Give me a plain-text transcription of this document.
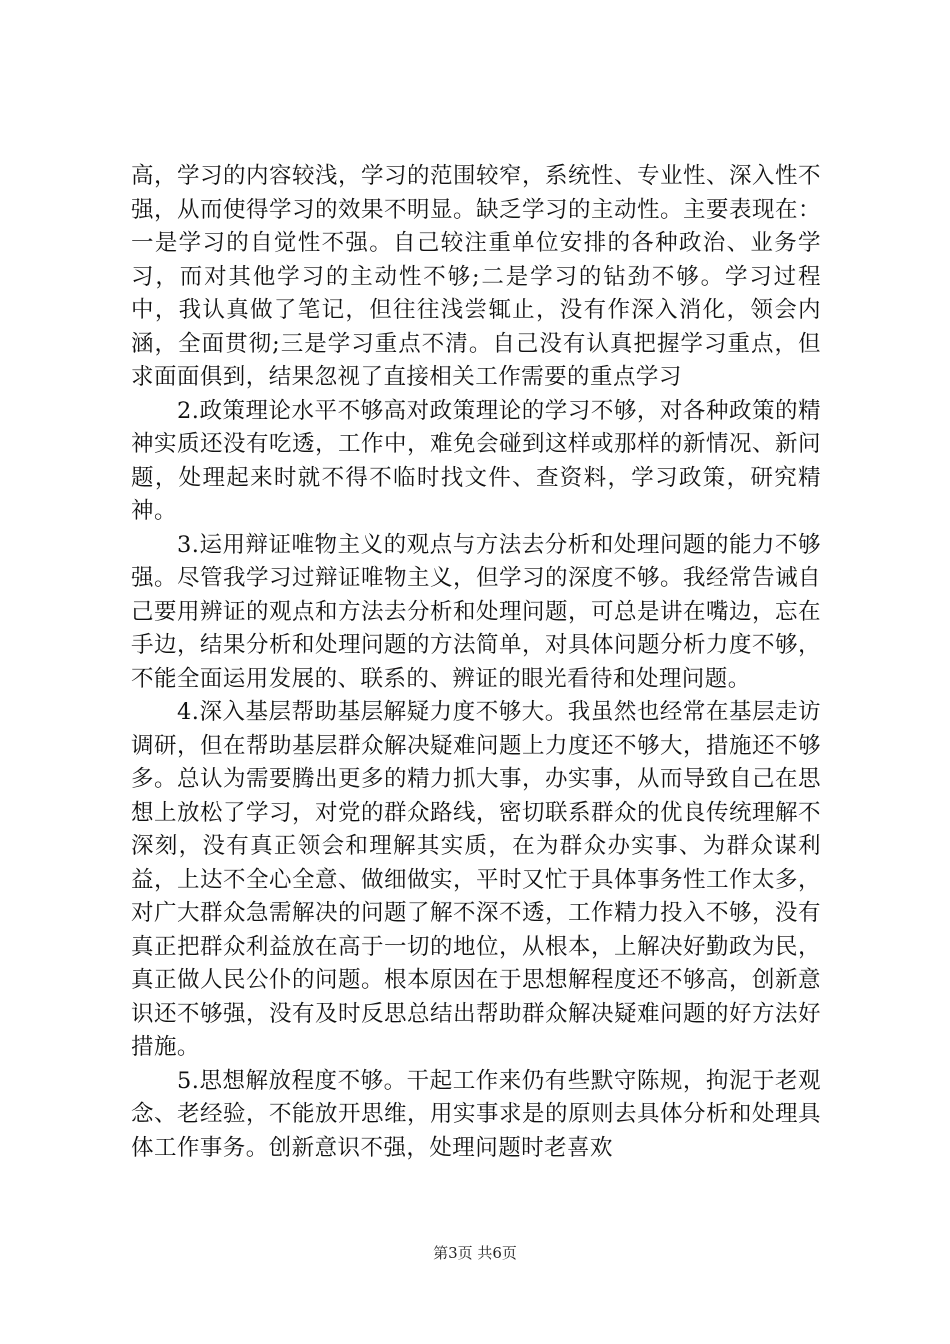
高，学习的内容较浅，学习的范围较窄，系统性、专业性、深入性不强，从而使得学习的效果不明显。缺乏学习的主动性。主要表现在：一是学习的自觉性不强。自己较注重单位安排的各种政治、业务学习，而对其他学习的主动性不够;二是学习的钻劲不够。学习过程中，我认真做了笔记，但往往浅尝辄止，没有作深入消化，领会内涵，全面贯彻;三是学习重点不清。自己没有认真把握学习重点，但求面面俱到，结果忽视了直接相关工作需要的重点学习

2.政策理论水平不够高对政策理论的学习不够，对各种政策的精神实质还没有吃透，工作中，难免会碰到这样或那样的新情况、新问题，处理起来时就不得不临时找文件、查资料，学习政策，研究精神。

3.运用辩证唯物主义的观点与方法去分析和处理问题的能力不够强。尽管我学习过辩证唯物主义，但学习的深度不够。我经常告诫自己要用辨证的观点和方法去分析和处理问题，可总是讲在嘴边，忘在手边，结果分析和处理问题的方法简单，对具体问题分析力度不够，不能全面运用发展的、联系的、辨证的眼光看待和处理问题。

4.深入基层帮助基层解疑力度不够大。我虽然也经常在基层走访调研，但在帮助基层群众解决疑难问题上力度还不够大，措施还不够多。总认为需要腾出更多的精力抓大事，办实事，从而导致自己在思想上放松了学习，对党的群众路线，密切联系群众的优良传统理解不深刻，没有真正领会和理解其实质，在为群众办实事、为群众谋利益，上达不全心全意、做细做实，平时又忙于具体事务性工作太多，对广大群众急需解决的问题了解不深不透，工作精力投入不够，没有真正把群众利益放在高于一切的地位，从根本，上解决好勤政为民，真正做人民公仆的问题。根本原因在于思想解程度还不够高，创新意识还不够强，没有及时反思总结出帮助群众解决疑难问题的好方法好措施。

5.思想解放程度不够。干起工作来仍有些默守陈规，拘泥于老观念、老经验，不能放开思维，用实事求是的原则去具体分析和处理具体工作事务。创新意识不强，处理问题时老喜欢

第3页 共6页
